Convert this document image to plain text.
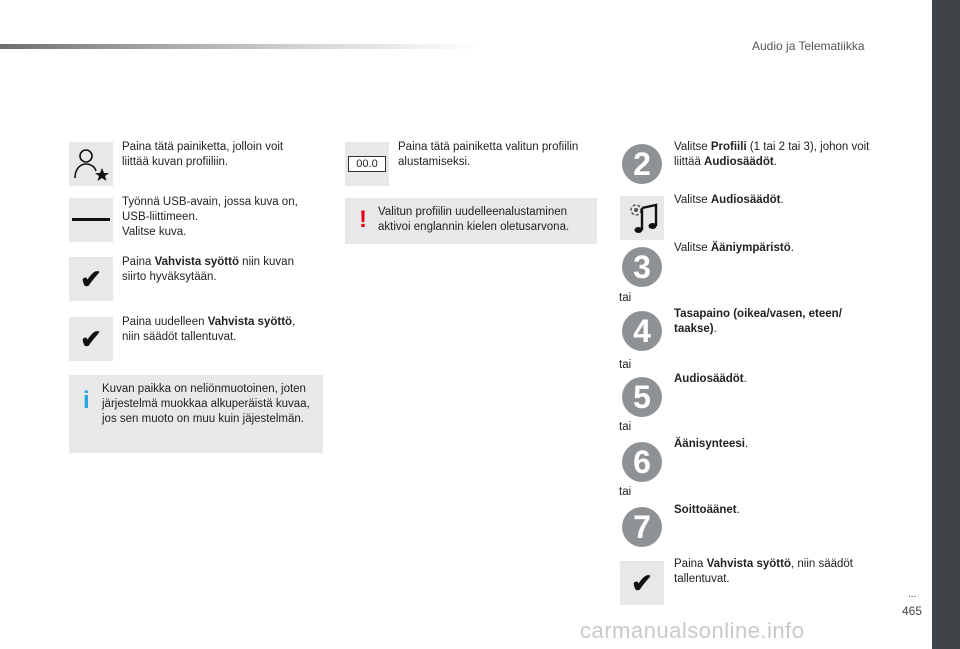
Audio ja Telematiikka
...
465
carmanualsonline.info
Paina tätä painiketta, jolloin voit liittää kuvan profiiliin.
Työnnä USB-avain, jossa kuva on, USB-liittimeen.
Valitse kuva.
✔
Paina Vahvista syöttö niin kuvan siirto hyväksytään.
✔
Paina uudelleen Vahvista syöttö, niin säädöt tallentuvat.
i Kuvan paikka on neliönmuotoinen, joten järjestelmä muokkaa alkuperäistä kuvaa, jos sen muoto on muu kuin jäjestelmän.
00.0
Paina tätä painiketta valitun profiilin alustamiseksi.
! Valitun profiilin uudelleenalustaminen aktivoi englannin kielen oletusarvona.
2	Valitse Profiili (1 tai 2 tai 3), johon voit liittää Audiosäädöt.
Valitse Audiosäädöt.
3
Valitse Ääniympäristö.
tai
4	Tasapaino (oikea/vasen, eteen/ taakse).
tai
5	Audiosäädöt.
tai
6	Äänisynteesi.
tai
7	Soittoäänet.
✔
Paina Vahvista syöttö, niin säädöt tallentuvat.
